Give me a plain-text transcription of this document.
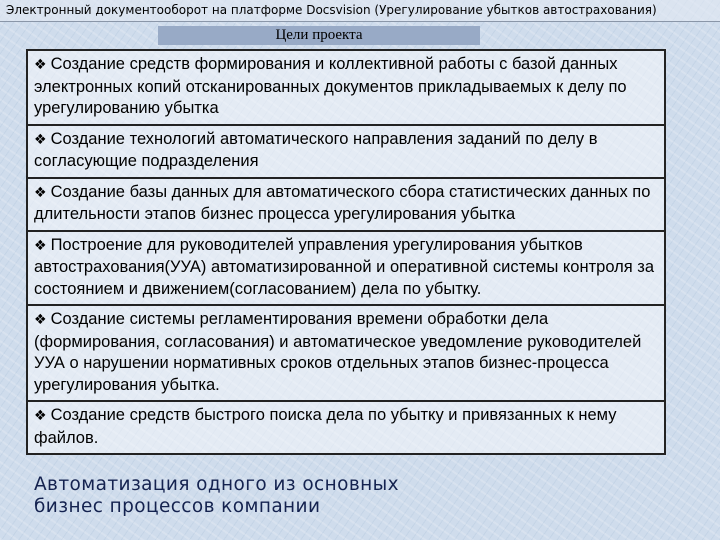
Электронный документооборот на платформе Docsvision (Урегулирование убытков автострахования)
Цели проекта
❖ Создание средств формирования и коллективной работы с базой данных электронных копий отсканированных документов прикладываемых к делу по урегулированию убытка
❖ Создание технологий автоматического направления заданий по делу в согласующие подразделения
❖ Создание базы данных для автоматического сбора статистических данных по длительности этапов бизнес процесса урегулирования убытка
❖ Построение для руководителей управления урегулирования убытков автострахования(УУА) автоматизированной и оперативной системы контроля за состоянием и движением(согласованием) дела по убытку.
❖ Создание системы регламентирования времени обработки дела (формирования, согласования) и автоматическое уведомление руководителей УУА о нарушении нормативных сроков отдельных этапов бизнес-процесса урегулирования убытка.
❖ Создание средств быстрого поиска дела по убытку и привязанных к нему файлов.
Автоматизация одного из основных
бизнес процессов компании
